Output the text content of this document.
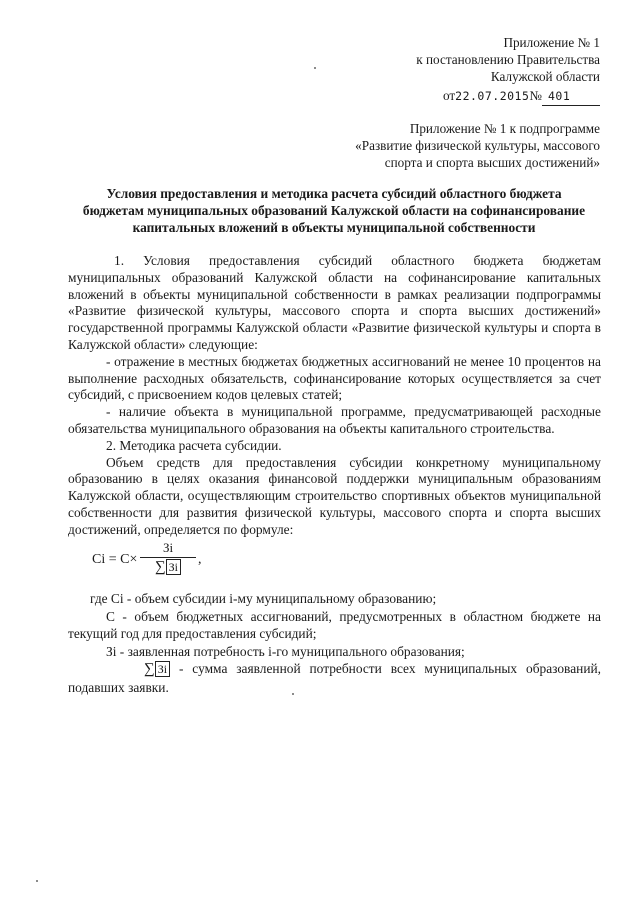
Приложение № 1
к постановлению Правительства
Калужской области
от22.07.2015№ 401
Приложение № 1 к подпрограмме
«Развитие физической культуры, массового
спорта и спорта высших достижений»
Условия предоставления и методика расчета субсидий областного бюджета
бюджетам муниципальных образований Калужской области на софинансирование
капитальных вложений в объекты муниципальной собственности

1. Условия предоставления субсидий областного бюджета бюджетам муниципальных образований Калужской области на софинансирование капитальных вложений в объекты муниципальной собственности в рамках реализации подпрограммы «Развитие физической культуры, массового спорта и спорта высших достижений» государственной программы Калужской области «Развитие физической культуры и спорта в Калужской области» следующие:

- отражение в местных бюджетах бюджетных ассигнований не менее 10 процентов на выполнение расходных обязательств, софинансирование которых осуществляется за счет субсидий, с присвоением кодов целевых статей;

- наличие объекта в муниципальной программе, предусматривающей расходные обязательства муниципального образования на объекты капитального строительства.

2. Методика расчета субсидии.

Объем средств для предоставления субсидии конкретному муниципальному образованию в целях оказания финансовой поддержки муниципальным образованиям Калужской области, осуществляющим строительство спортивных объектов муниципальной собственности для развития физической культуры, массового спорта и спорта высших достижений, определяется по формуле:

Ci = C×
Зi
∑ Зi	,

где Ci - объем субсидии i-му муниципальному образованию;

С - объем бюджетных ассигнований, предусмотренных в областном бюджете на текущий год для предоставления субсидий;

Зi - заявленная потребность i-го муниципального образования;

∑ Зi - сумма заявленной потребности всех муниципальных образований, подавших заявки.
